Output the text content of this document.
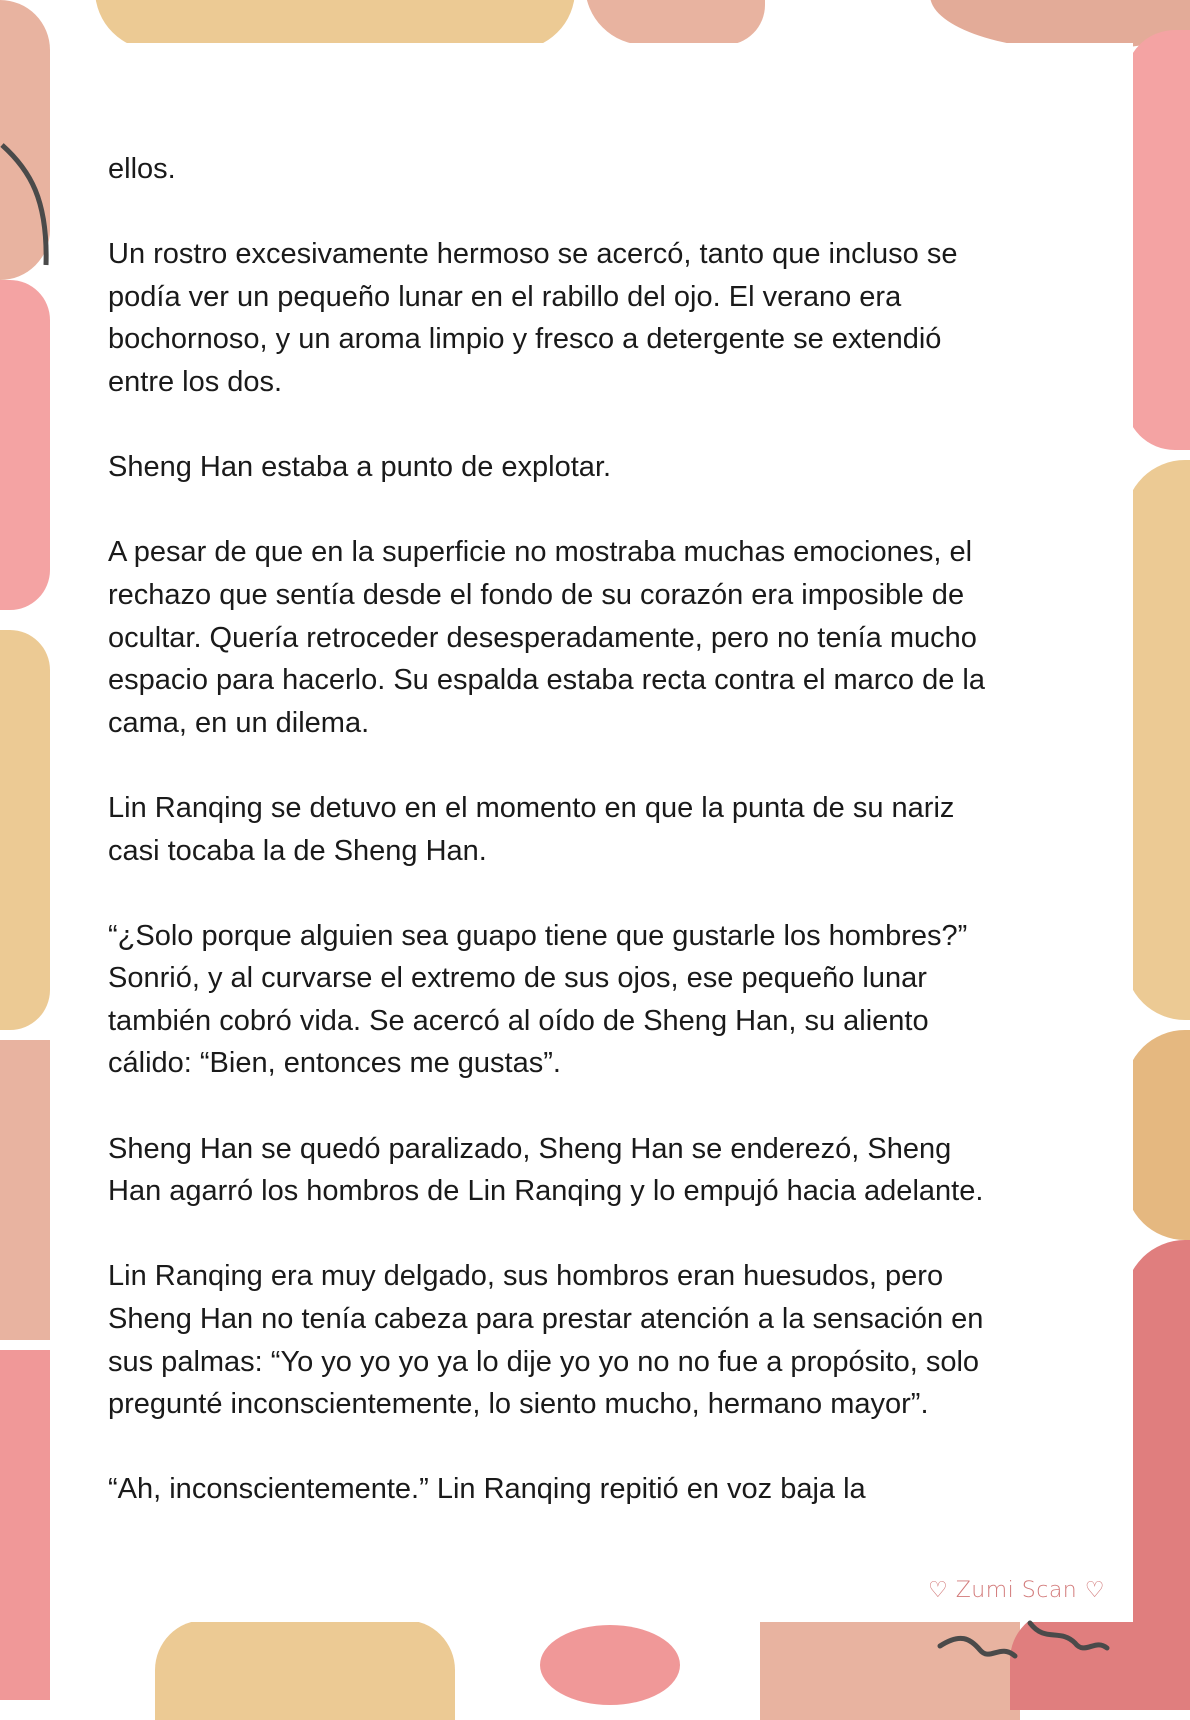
ellos.

Un rostro excesivamente hermoso se acercó, tanto que incluso se
podía ver un pequeño lunar en el rabillo del ojo. El verano era
bochornoso, y un aroma limpio y fresco a detergente se extendió
entre los dos.

Sheng Han estaba a punto de explotar.

A pesar de que en la superficie no mostraba muchas emociones, el
rechazo que sentía desde el fondo de su corazón era imposible de
ocultar. Quería retroceder desesperadamente, pero no tenía mucho
espacio para hacerlo. Su espalda estaba recta contra el marco de la
cama, en un dilema.

Lin Ranqing se detuvo en el momento en que la punta de su nariz
casi tocaba la de Sheng Han.

“¿Solo porque alguien sea guapo tiene que gustarle los hombres?”
Sonrió, y al curvarse el extremo de sus ojos, ese pequeño lunar
también cobró vida. Se acercó al oído de Sheng Han, su aliento
cálido: “Bien, entonces me gustas”.

Sheng Han se quedó paralizado, Sheng Han se enderezó, Sheng
Han agarró los hombros de Lin Ranqing y lo empujó hacia adelante.

Lin Ranqing era muy delgado, sus hombros eran huesudos, pero
Sheng Han no tenía cabeza para prestar atención a la sensación en
sus palmas: “Yo yo yo yo ya lo dije yo yo no no fue a propósito, solo
pregunté inconscientemente, lo siento mucho, hermano mayor”.

“Ah, inconscientemente.” Lin Ranqing repitió en voz baja la

♡ Zumi Scan ♡
